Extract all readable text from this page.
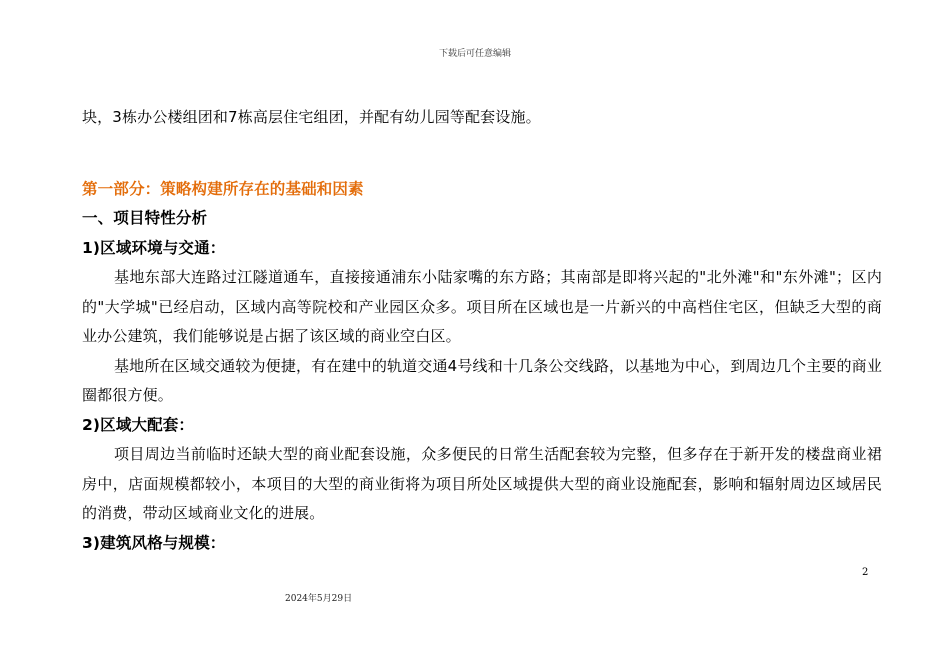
下载后可任意编辑
块，3栋办公楼组团和7栋高层住宅组团，并配有幼儿园等配套设施。
第一部分：策略构建所存在的基础和因素
一、项目特性分析
1)区域环境与交通：

基地东部大连路过江隧道通车，直接接通浦东小陆家嘴的东方路；其南部是即将兴起的"北外滩"和"东外滩"；区内的"大学城"已经启动，区域内高等院校和产业园区众多。项目所在区域也是一片新兴的中高档住宅区，但缺乏大型的商业办公建筑，我们能够说是占据了该区域的商业空白区。

基地所在区域交通较为便捷，有在建中的轨道交通4号线和十几条公交线路，以基地为中心，到周边几个主要的商业圈都很方便。

2)区域大配套：

项目周边当前临时还缺大型的商业配套设施，众多便民的日常生活配套较为完整，但多存在于新开发的楼盘商业裙房中，店面规模都较小，本项目的大型的商业街将为项目所处区域提供大型的商业设施配套，影响和辐射周边区域居民的消费，带动区域商业文化的进展。

3)建筑风格与规模：
2
2024年5月29日
